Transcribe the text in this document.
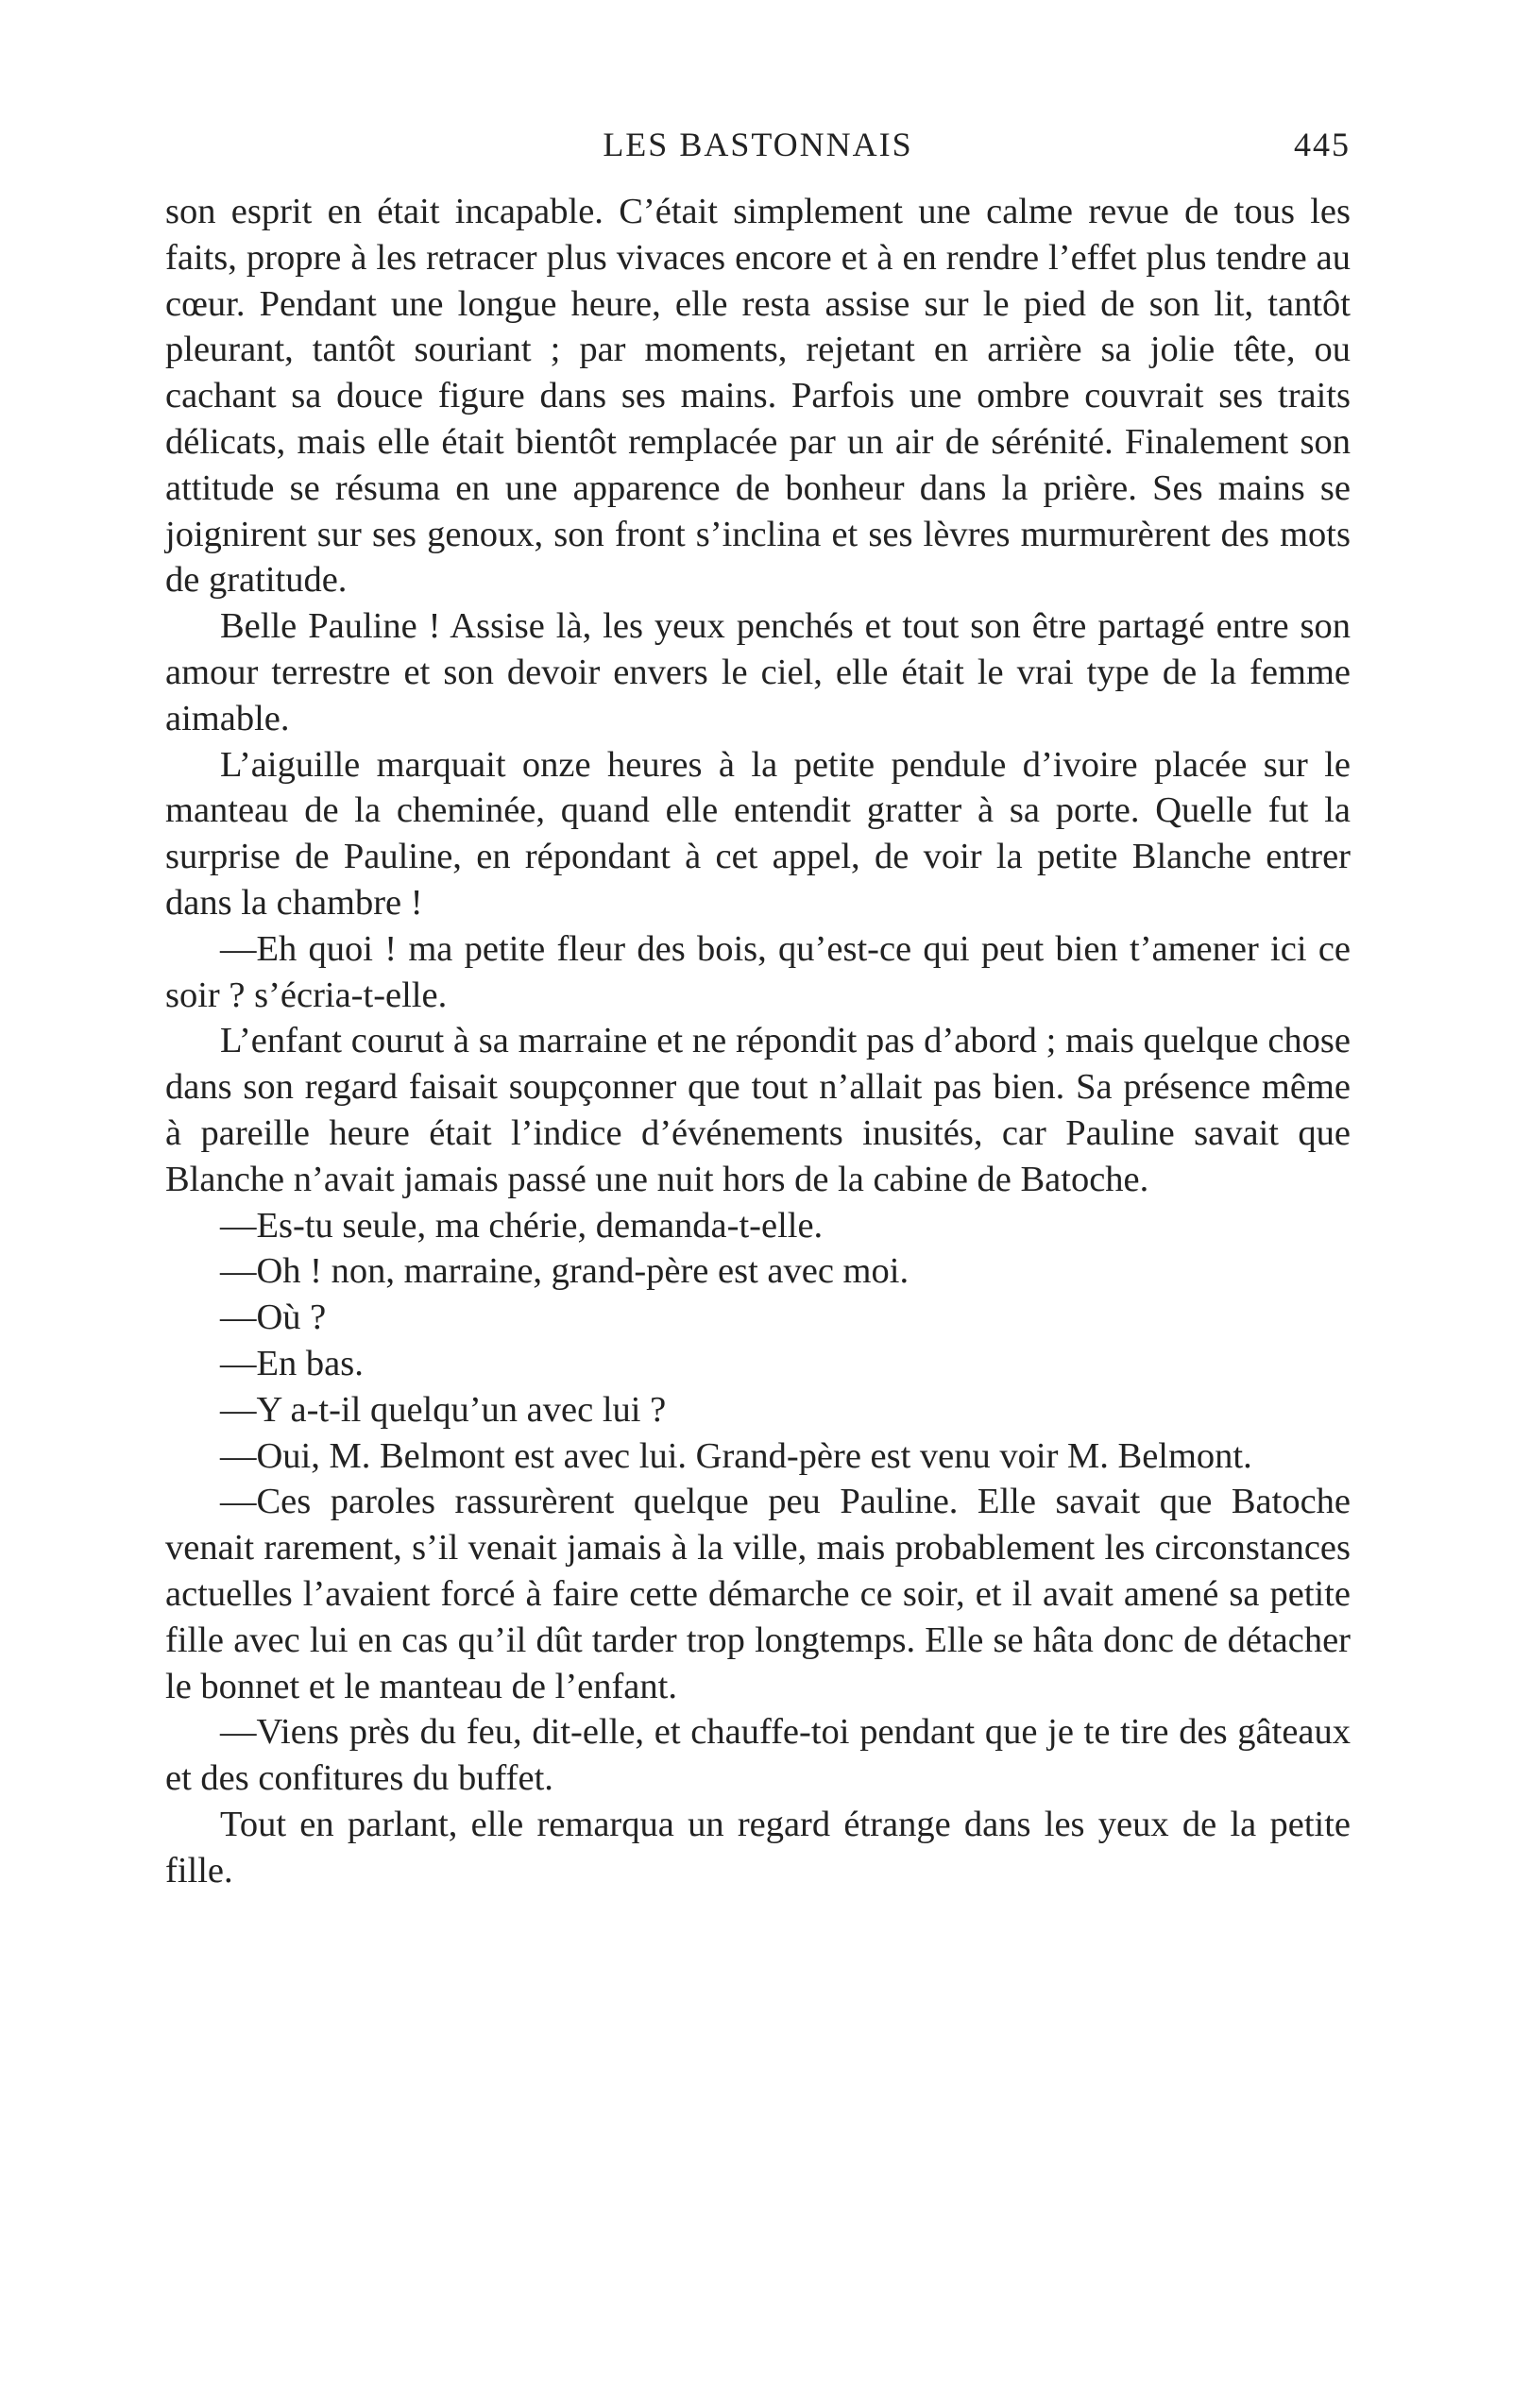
LES BASTONNAIS	445

son esprit en était incapable. C’était simplement une calme revue de tous les faits, propre à les retracer plus vivaces encore et à en rendre l’effet plus tendre au cœur. Pendant une longue heure, elle resta assise sur le pied de son lit, tantôt pleurant, tantôt souriant ; par moments, rejetant en arrière sa jolie tête, ou cachant sa douce figure dans ses mains. Parfois une ombre couvrait ses traits délicats, mais elle était bientôt remplacée par un air de sérénité. Finalement son attitude se résuma en une apparence de bonheur dans la prière. Ses mains se joignirent sur ses genoux, son front s’inclina et ses lèvres murmurèrent des mots de gratitude.

Belle Pauline ! Assise là, les yeux penchés et tout son être partagé entre son amour terrestre et son devoir envers le ciel, elle était le vrai type de la femme aimable.

L’aiguille marquait onze heures à la petite pendule d’ivoire placée sur le manteau de la cheminée, quand elle entendit gratter à sa porte. Quelle fut la surprise de Pauline, en répondant à cet appel, de voir la petite Blanche entrer dans la chambre !

—Eh quoi ! ma petite fleur des bois, qu’est-ce qui peut bien t’amener ici ce soir ? s’écria-t-elle.

L’enfant courut à sa marraine et ne répondit pas d’abord ; mais quelque chose dans son regard faisait soupçonner que tout n’allait pas bien. Sa présence même à pareille heure était l’indice d’événements inusités, car Pauline savait que Blanche n’avait jamais passé une nuit hors de la cabine de Batoche.

—Es-tu seule, ma chérie, demanda-t-elle.

—Oh ! non, marraine, grand-père est avec moi.

—Où ?

—En bas.

—Y a-t-il quelqu’un avec lui ?

—Oui, M. Belmont est avec lui. Grand-père est venu voir M. Belmont.

—Ces paroles rassurèrent quelque peu Pauline. Elle savait que Batoche venait rarement, s’il venait jamais à la ville, mais probablement les circonstances actuelles l’avaient forcé à faire cette démarche ce soir, et il avait amené sa petite fille avec lui en cas qu’il dût tarder trop longtemps. Elle se hâta donc de détacher le bonnet et le manteau de l’enfant.

—Viens près du feu, dit-elle, et chauffe-toi pendant que je te tire des gâteaux et des confitures du buffet.

Tout en parlant, elle remarqua un regard étrange dans les yeux de la petite fille.
